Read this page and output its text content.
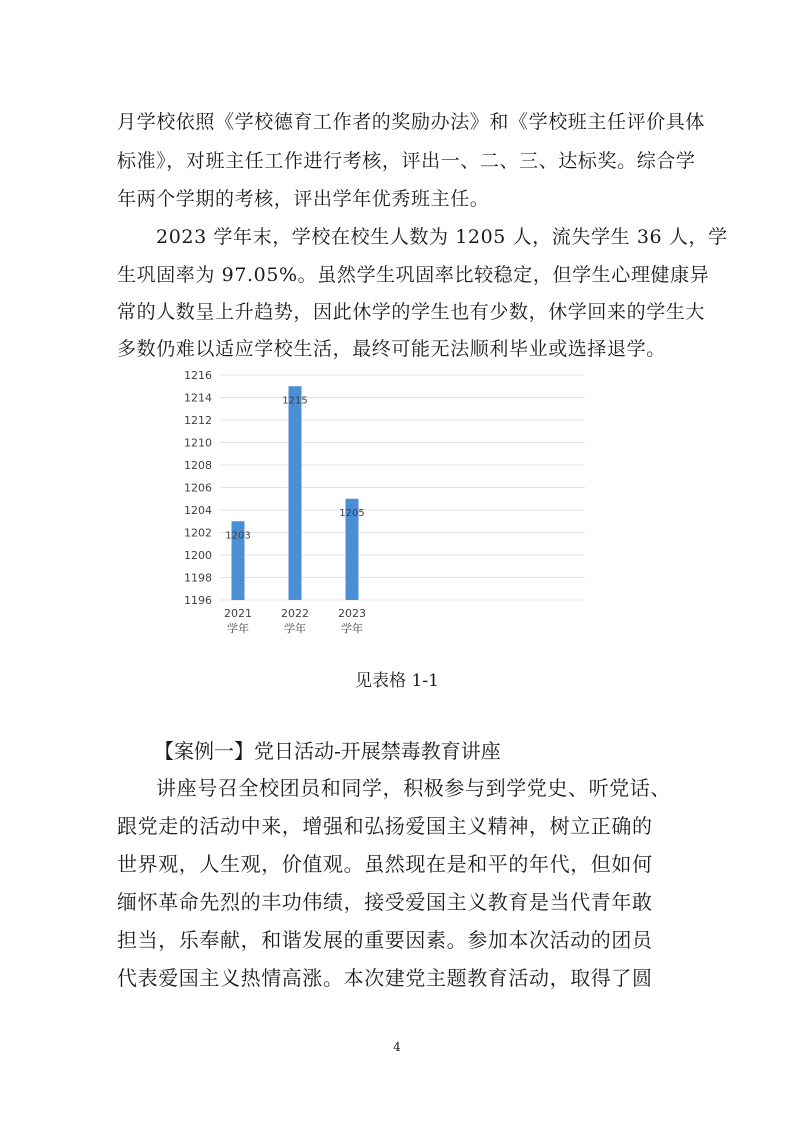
月学校依照《学校德育工作者的奖励办法》和《学校班主任评价具体
标准》，对班主任工作进行考核，评出一、二、三、达标奖。综合学
年两个学期的考核，评出学年优秀班主任。
2023 学年末，学校在校生人数为 1205 人，流失学生 36 人，学
生巩固率为 97.05%。虽然学生巩固率比较稳定，但学生心理健康异
常的人数呈上升趋势，因此休学的学生也有少数，休学回来的学生大
多数仍难以适应学校生活，最终可能无法顺利毕业或选择退学。
1216
1214
1212
1210
1208
1206
1204
1202
1200
1198
1196
1203
2021
学年
1215
2022
学年
1205
2023
学年
见表格 1-1
【案例一】党日活动-开展禁毒教育讲座
讲座号召全校团员和同学，积极参与到学党史、听党话、
跟党走的活动中来，增强和弘扬爱国主义精神，树立正确的
世界观，人生观，价值观。虽然现在是和平的年代，但如何
缅怀革命先烈的丰功伟绩，接受爱国主义教育是当代青年敢
担当，乐奉献，和谐发展的重要因素。参加本次活动的团员
代表爱国主义热情高涨。本次建党主题教育活动，取得了圆
4
